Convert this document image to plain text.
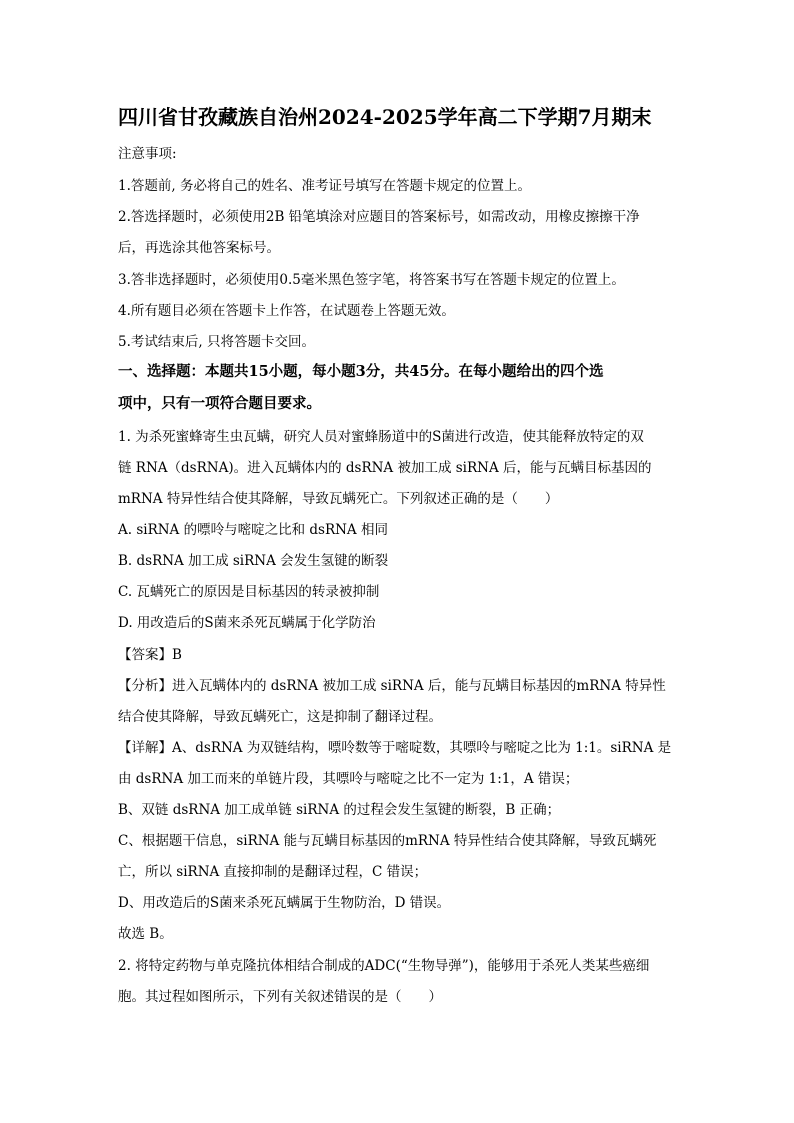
四川省甘孜藏族自治州2024-2025学年高二下学期7月期末
注意事项:
1.答题前, 务必将自己的姓名、准考证号填写在答题卡规定的位置上。
2.答选择题时，必须使用2B 铅笔填涂对应题目的答案标号，如需改动，用橡皮擦擦干净
后，再选涂其他答案标号。
3.答非选择题时，必须使用0.5毫米黑色签字笔，将答案书写在答题卡规定的位置上。
4.所有题目必须在答题卡上作答，在试题卷上答题无效。
5.考试结束后, 只将答题卡交回。
一、选择题：本题共15小题，每小题3分，共45分。在每小题给出的四个选
项中，只有一项符合题目要求。
1. 为杀死蜜蜂寄生虫瓦螨，研究人员对蜜蜂肠道中的S菌进行改造，使其能释放特定的双
链 RNA（dsRNA)。进入瓦螨体内的 dsRNA 被加工成 siRNA 后，能与瓦螨目标基因的
mRNA 特异性结合使其降解，导致瓦螨死亡。下列叙述正确的是（　　）
A. siRNA 的嘌呤与嘧啶之比和 dsRNA 相同
B. dsRNA 加工成 siRNA 会发生氢键的断裂
C. 瓦螨死亡的原因是目标基因的转录被抑制
D. 用改造后的S菌来杀死瓦螨属于化学防治
【答案】B
【分析】进入瓦螨体内的 dsRNA 被加工成 siRNA 后，能与瓦螨目标基因的mRNA 特异性
结合使其降解，导致瓦螨死亡，这是抑制了翻译过程。
【详解】A、dsRNA 为双链结构，嘌呤数等于嘧啶数，其嘌呤与嘧啶之比为 1:1。siRNA 是
由 dsRNA 加工而来的单链片段，其嘌呤与嘧啶之比不一定为 1:1，A 错误；
B、双链 dsRNA 加工成单链 siRNA 的过程会发生氢键的断裂，B 正确；
C、根据题干信息，siRNA 能与瓦螨目标基因的mRNA 特异性结合使其降解，导致瓦螨死
亡，所以 siRNA 直接抑制的是翻译过程，C 错误；
D、用改造后的S菌来杀死瓦螨属于生物防治，D 错误。
故选 B。
2. 将特定药物与单克隆抗体相结合制成的ADC(“生物导弹”)，能够用于杀死人类某些癌细
胞。其过程如图所示，下列有关叙述错误的是（　　）
